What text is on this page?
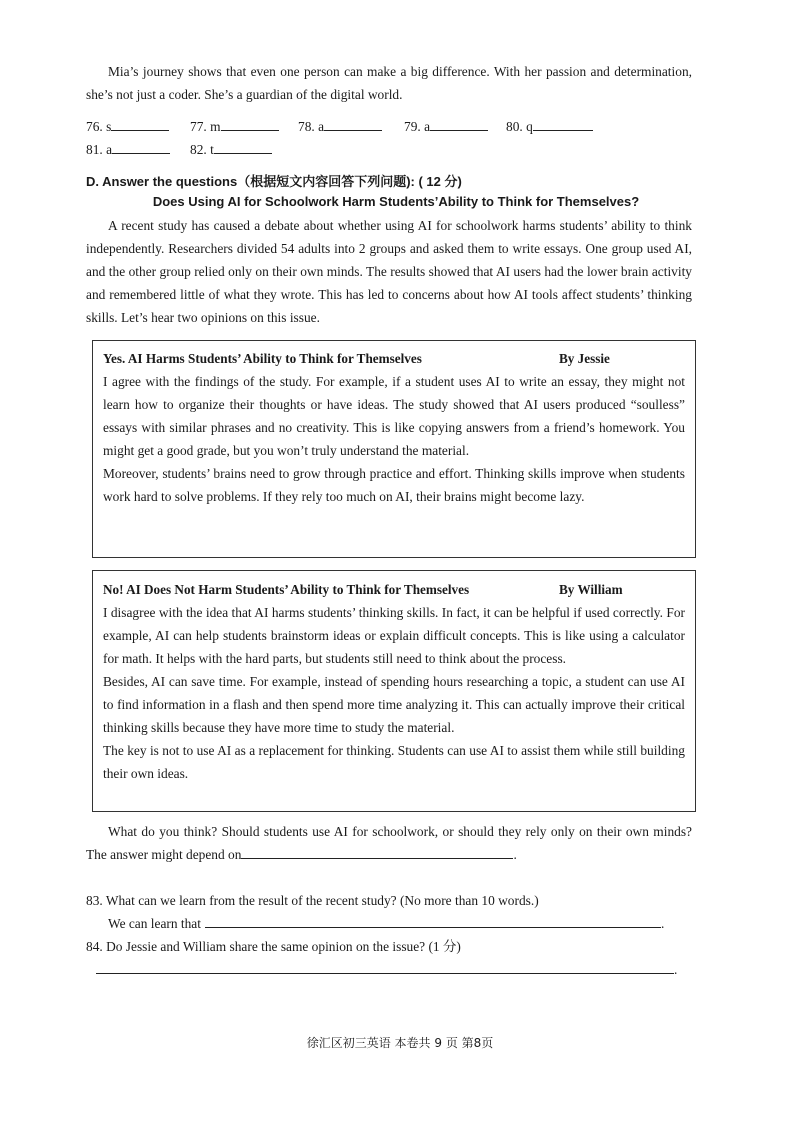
Mia’s journey shows that even one person can make a big difference. With her passion and determination, she’s not just a coder. She’s a guardian of the digital world.

76. s	77. m	78. a	79. a	80. q
81. a	82. t
D. Answer the questions（根据短文内容回答下列问题): ( 12 分)
Does Using AI for Schoolwork Harm Students’Ability to Think for Themselves?

A recent study has caused a debate about whether using AI for schoolwork harms students’ ability to think independently. Researchers divided 54 adults into 2 groups and asked them to write essays. One group used AI, and the other group relied only on their own minds. The results showed that AI users had the lower brain activity and remembered little of what they wrote. This has led to concerns about how AI tools affect students’ thinking skills. Let’s hear two opinions on this issue.

Yes. AI Harms Students’ Ability to Think for Themselves	By Jessie

I agree with the findings of the study. For example, if a student uses AI to write an essay, they might not learn how to organize their thoughts or have ideas. The study showed that AI users produced “soulless” essays with similar phrases and no creativity. This is like copying answers from a friend’s homework. You might get a good grade, but you won’t truly understand the material.

Moreover, students’ brains need to grow through practice and effort. Thinking skills improve when students work hard to solve problems. If they rely too much on AI, their brains might become lazy.

No! AI Does Not Harm Students’ Ability to Think for Themselves	By William

I disagree with the idea that AI harms students’ thinking skills. In fact, it can be helpful if used correctly. For example, AI can help students brainstorm ideas or explain difficult concepts. This is like using a calculator for math. It helps with the hard parts, but students still need to think about the process.

Besides, AI can save time. For example, instead of spending hours researching a topic, a student can use AI to find information in a flash and then spend more time analyzing it. This can actually improve their critical thinking skills because they have more time to study the material.

The key is not to use AI as a replacement for thinking. Students can use AI to assist them while still building their own ideas.

What do you think? Should students use AI for schoolwork, or should they rely only on their own minds? The answer might depend on	.

83. What can we learn from the result of the recent study? (No more than 10 words.)
We can learn that	.
84. Do Jessie and William share the same opinion on the issue? (1 分)
.
徐汇区初三英语 本卷共 9 页 第8页
